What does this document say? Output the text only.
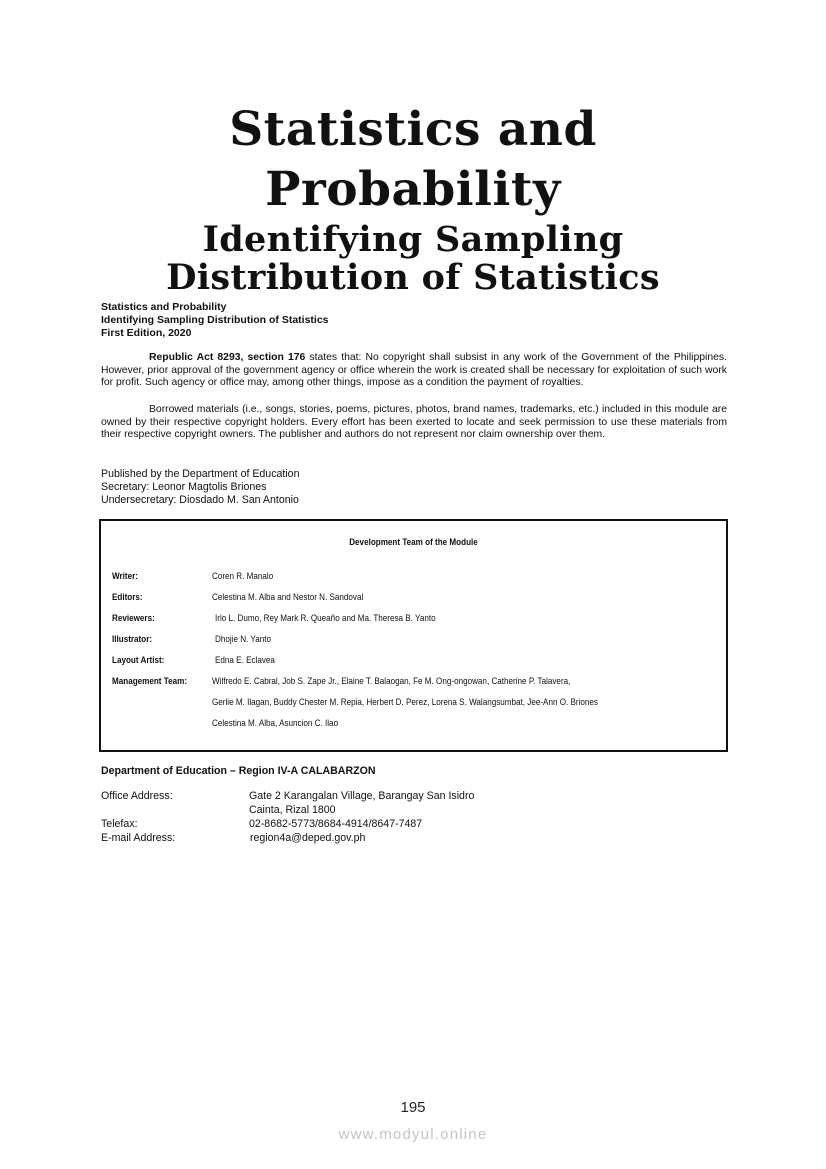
Statistics and
Probability
Identifying Sampling
Distribution of Statistics
Statistics and Probability
Identifying Sampling Distribution of Statistics
First Edition, 2020
Republic Act 8293, section 176 states that: No copyright shall subsist in any work of the Government of the Philippines. However, prior approval of the government agency or office wherein the work is created shall be necessary for exploitation of such work for profit. Such agency or office may, among other things, impose as a condition the payment of royalties.
Borrowed materials (i.e., songs, stories, poems, pictures, photos, brand names, trademarks, etc.) included in this module are owned by their respective copyright holders. Every effort has been exerted to locate and seek permission to use these materials from their respective copyright owners. The publisher and authors do not represent nor claim ownership over them.
Published by the Department of Education
Secretary: Leonor Magtolis Briones
Undersecretary: Diosdado M. San Antonio
Development Team of the Module
Writer:	Coren R. Manalo
Editors:	Celestina M. Alba and Nestor N. Sandoval
Reviewers:	Irlo L. Dumo, Rey Mark R. Queaño and Ma. Theresa B. Yanto
Illustrator:	Dhojie N. Yanto
Layout Artist:	Edna E. Eclavea
Management Team:	Wilfredo E. Cabral, Job S. Zape Jr., Elaine T. Balaogan, Fe M. Ong-ongowan, Catherine P. Talavera,
Gerlie M. Ilagan, Buddy Chester M. Repia, Herbert D. Perez, Lorena S. Walangsumbat, Jee-Ann O. Briones
Celestina M. Alba, Asuncion C. Ilao
Department of Education – Region IV-A CALABARZON
Office Address:	Gate 2 Karangalan Village, Barangay San Isidro
Cainta, Rizal 1800
Telefax:	02-8682-5773/8684-4914/8647-7487
E-mail Address:	region4a@deped.gov.ph
195
www.modyul.online
